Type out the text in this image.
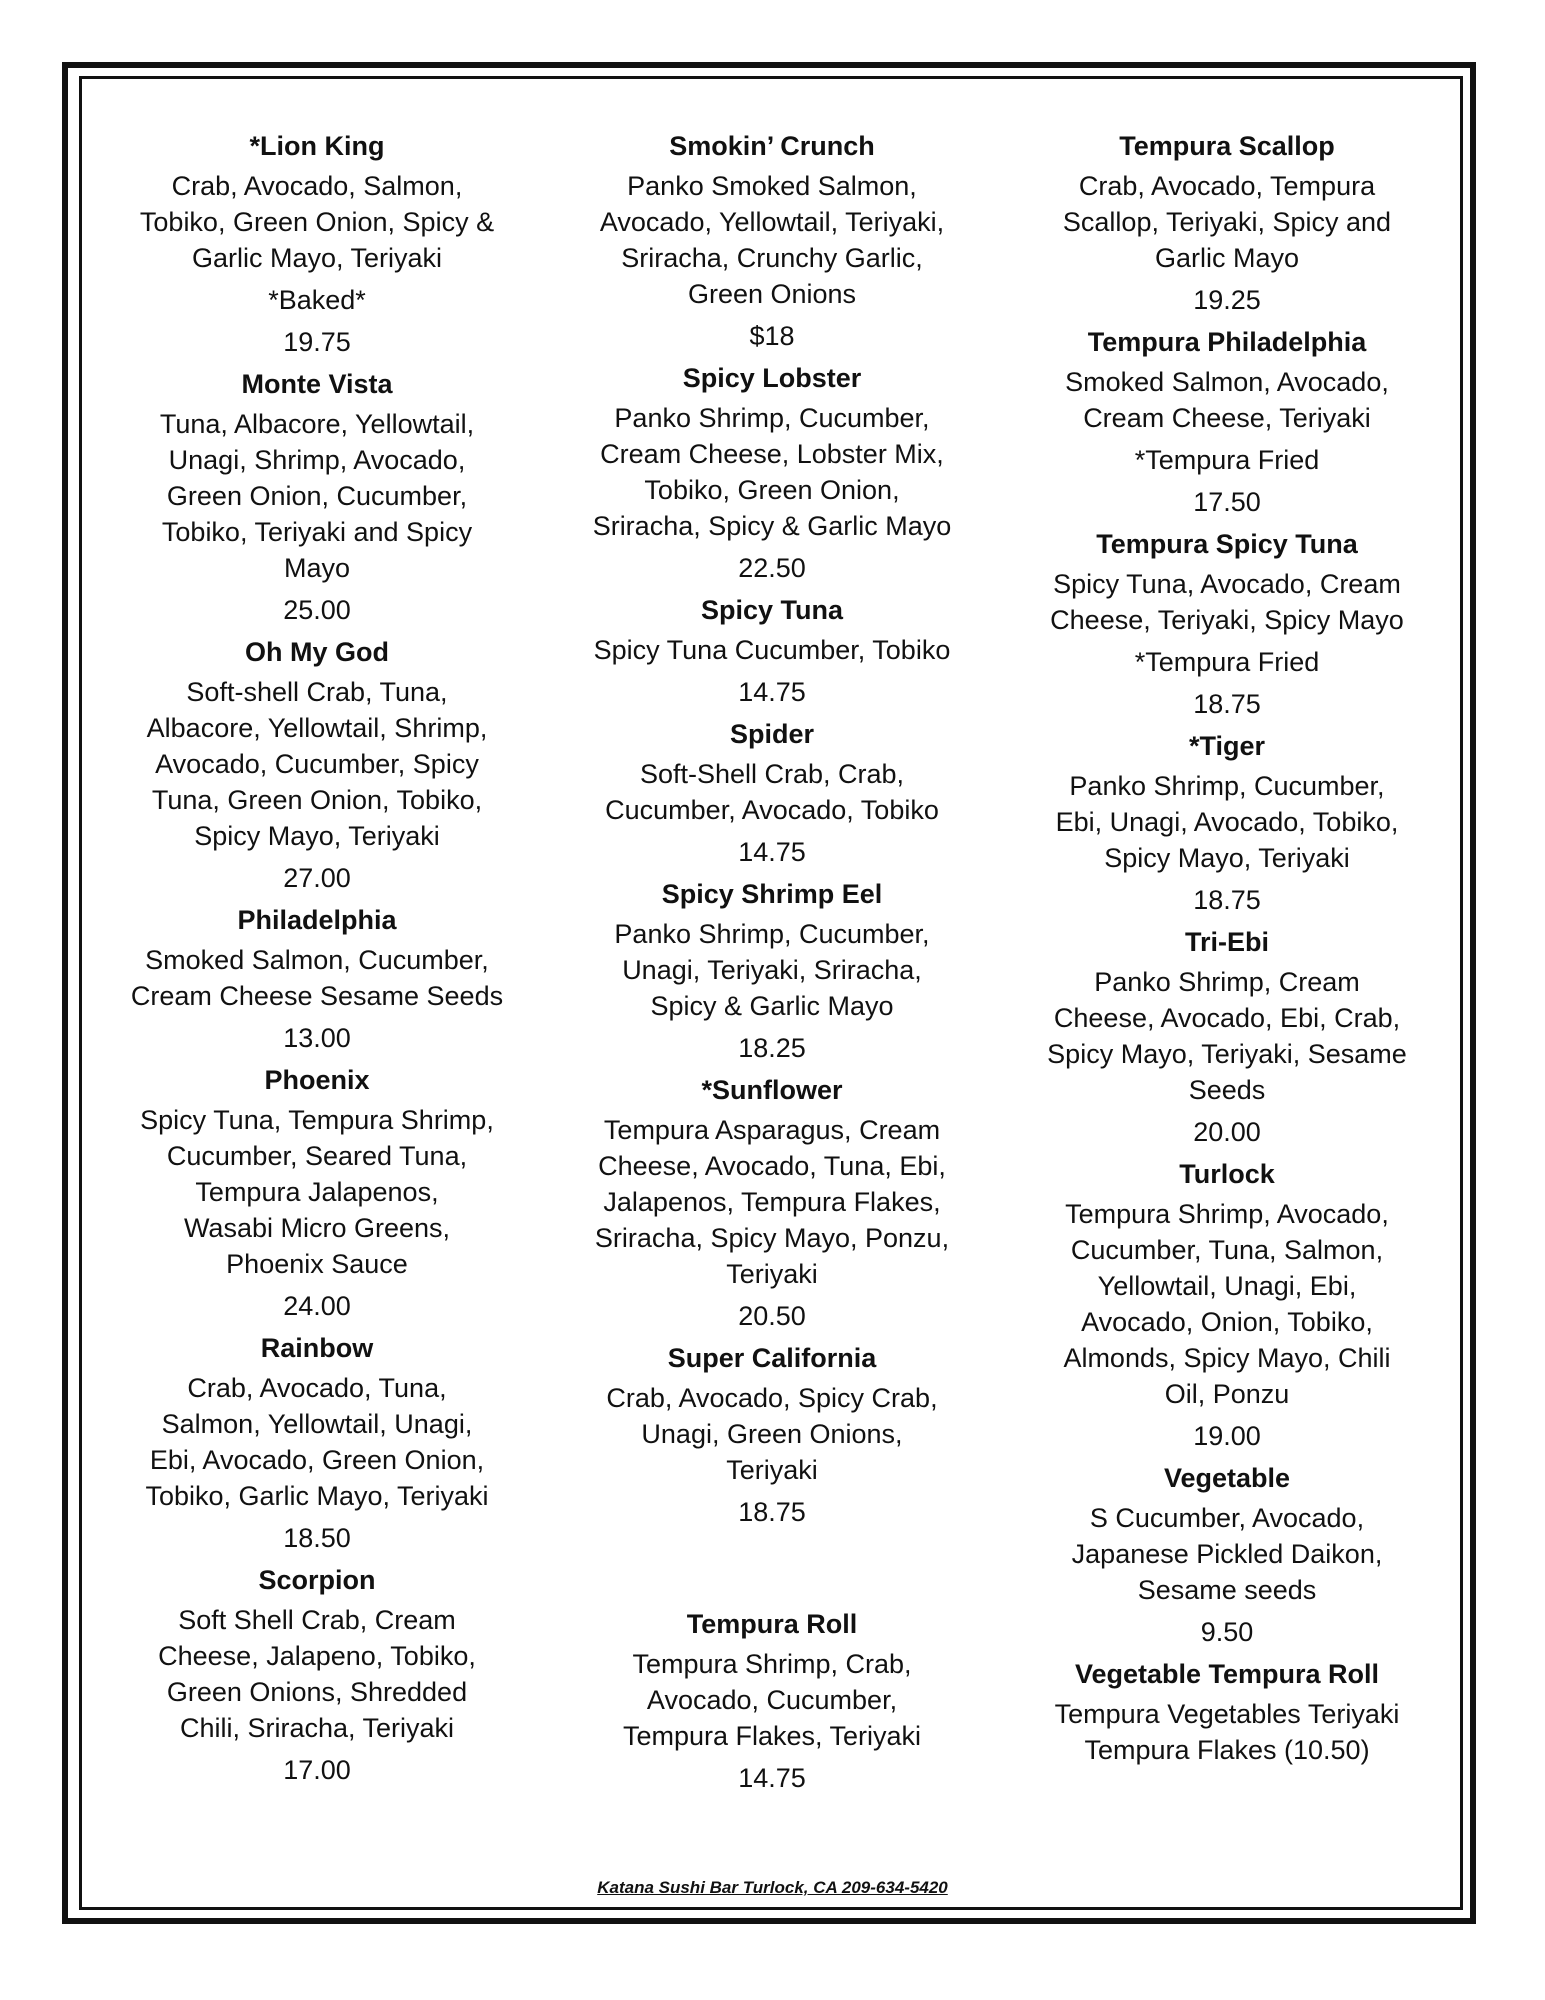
*Lion King
Crab, Avocado, Salmon,
Tobiko, Green Onion, Spicy &
Garlic Mayo, Teriyaki
*Baked*
19.75
Monte Vista
Tuna, Albacore, Yellowtail,
Unagi, Shrimp, Avocado,
Green Onion, Cucumber,
Tobiko, Teriyaki and Spicy
Mayo
25.00
Oh My God
Soft-shell Crab, Tuna,
Albacore, Yellowtail, Shrimp,
Avocado, Cucumber, Spicy
Tuna, Green Onion, Tobiko,
Spicy Mayo, Teriyaki
27.00
Philadelphia
Smoked Salmon, Cucumber,
Cream Cheese Sesame Seeds
13.00
Phoenix
Spicy Tuna, Tempura Shrimp,
Cucumber, Seared Tuna,
Tempura Jalapenos,
Wasabi Micro Greens,
Phoenix Sauce
24.00
Rainbow
Crab, Avocado, Tuna,
Salmon, Yellowtail, Unagi,
Ebi, Avocado, Green Onion,
Tobiko, Garlic Mayo, Teriyaki
18.50
Scorpion
Soft Shell Crab, Cream
Cheese, Jalapeno, Tobiko,
Green Onions, Shredded
Chili, Sriracha, Teriyaki
17.00
Smokin’ Crunch
Panko Smoked Salmon,
Avocado, Yellowtail, Teriyaki,
Sriracha, Crunchy Garlic,
Green Onions
$18
Spicy Lobster
Panko Shrimp, Cucumber,
Cream Cheese, Lobster Mix,
Tobiko, Green Onion,
Sriracha, Spicy & Garlic Mayo
22.50
Spicy Tuna
Spicy Tuna Cucumber, Tobiko
14.75
Spider
Soft-Shell Crab, Crab,
Cucumber, Avocado, Tobiko
14.75
Spicy Shrimp Eel
Panko Shrimp, Cucumber,
Unagi, Teriyaki, Sriracha,
Spicy & Garlic Mayo
18.25
*Sunflower
Tempura Asparagus, Cream
Cheese, Avocado, Tuna, Ebi,
Jalapenos, Tempura Flakes,
Sriracha, Spicy Mayo, Ponzu,
Teriyaki
20.50
Super California
Crab, Avocado, Spicy Crab,
Unagi, Green Onions,
Teriyaki
18.75
Tempura Roll
Tempura Shrimp, Crab,
Avocado, Cucumber,
Tempura Flakes, Teriyaki
14.75
Tempura Scallop
Crab, Avocado, Tempura
Scallop, Teriyaki, Spicy and
Garlic Mayo
19.25
Tempura Philadelphia
Smoked Salmon, Avocado,
Cream Cheese, Teriyaki
*Tempura Fried
17.50
Tempura Spicy Tuna
Spicy Tuna, Avocado, Cream
Cheese, Teriyaki, Spicy Mayo
*Tempura Fried
18.75
*Tiger
Panko Shrimp, Cucumber,
Ebi, Unagi, Avocado, Tobiko,
Spicy Mayo, Teriyaki
18.75
Tri-Ebi
Panko Shrimp, Cream
Cheese, Avocado, Ebi, Crab,
Spicy Mayo, Teriyaki, Sesame
Seeds
20.00
Turlock
Tempura Shrimp, Avocado,
Cucumber, Tuna, Salmon,
Yellowtail, Unagi, Ebi,
Avocado, Onion, Tobiko,
Almonds, Spicy Mayo, Chili
Oil, Ponzu
19.00
Vegetable
S Cucumber, Avocado,
Japanese Pickled Daikon,
Sesame seeds
9.50
Vegetable Tempura Roll
Tempura Vegetables Teriyaki
Tempura Flakes (10.50)
Katana Sushi Bar Turlock, CA 209-634-5420
